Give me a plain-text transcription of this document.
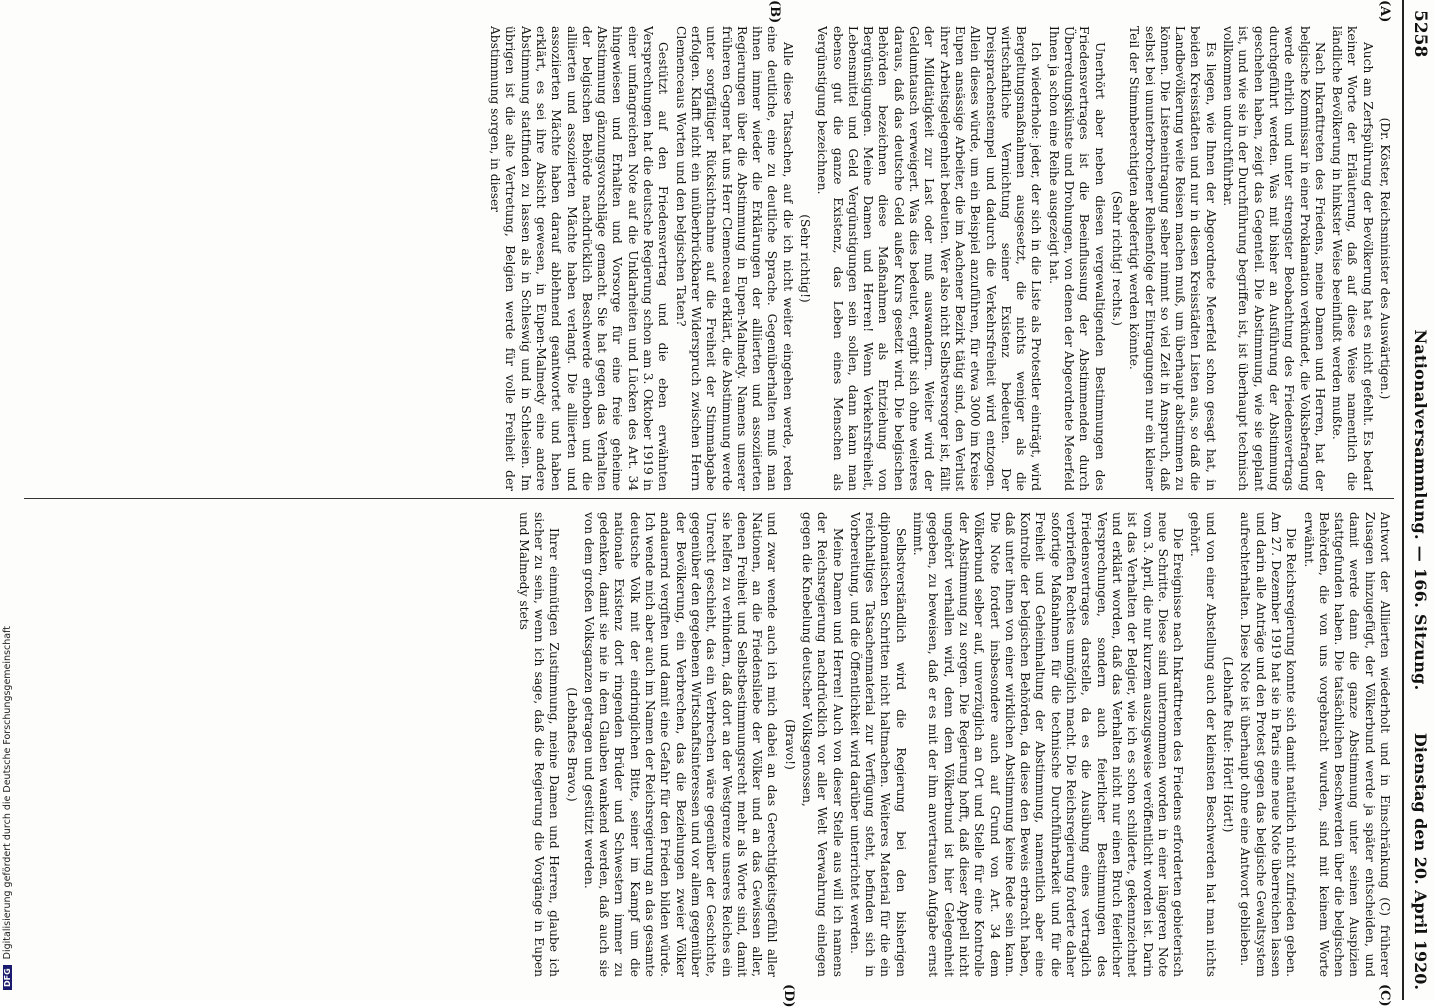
5258
Nationalversammlung. — 166. Sitzung.
Dienstag den 20. April 1920.
(A)
(B)
(C)
(D)

(Dr. Köster, Reichsminister des Auswärtigen.)

Auch am Zerfspührung der Bevölkerung hat es nicht gefehlt. Es bedarf keiner Worte der Erläuterung, daß auf diese Weise namentlich die ländliche Bevölkerung in hinkster Weise beeinflußt werden mußte.

Nach Inkrafttreten des Friedens, meine Damen und Herren, hat der belgische Kommissar in einer Proklamation verkündet, die Volksbefragung werde ehrlich und unter strengster Beobachtung des Friedensvertrags durchgeführt werden. Was mit bisher an Ausführung der Abstimmung geschehen haben, zeigt das Gegenteil. Die Abstimmung, wie sie geplant ist, und wie sie in der Durchführung begriffen ist, ist überhaupt technisch vollkommen undurchführbar.

Es liegen, wie Ihnen der Abgeordnete Meerfeld schon gesagt hat, in beiden Kreisstädten und nur in diesen Kreisstädten Listen aus, so daß die Landbevölkerung weite Reisen machen muß, um überhaupt abstimmen zu können. Die Listeneintragung selber nimmt so viel Zeit in Anspruch, daß selbst bei ununterbrochener Reihenfolge der Eintragungen nur ein kleiner Teil der Stimmberechtigten abgefertigt werden könnte.

(Sehr richtig! rechts.)

Unerhört aber neben diesen vergewaltigenden Bestimmungen des Friedensvertrages ist die Beeinflussung der Abstimmenden durch Überredungskünste und Drohungen, von denen der Abgeordnete Meerfeld Ihnen ja schon eine Reihe ausgezeigt hat.

Ich wiederhole: jeder, der sich in die Liste als Protestler einträgt, wird Bergeltungsmaßnahmen ausgesetzt, die nichts weniger als die wirtschaftliche Vernichtung seiner Existenz bedeuten. Der Dreisprachenstempel und dadurch die Verkehrsfreiheit wird entzogen. Allein dieses würde, um ein Beispiel anzuführen, für etwa 3000 im Kreise Eupen ansässige Arbeiter, die im Aachener Bezirk tätig sind, den Verlust ihrer Arbeitsgelegenheit bedeuten. Wer also nicht Selbstversorger ist, fällt der Mildtätigkeit zur Last oder muß auswandern. Weiter wird der Geldumtausch verweigert. Was dies bedeutet, ergibt sich ohne weiteres daraus, daß das deutsche Geld außer Kurs gesetzt wird. Die belgischen Behörden bezeichnen diese Maßnahmen als Entziehung von Bergünstigungen. Meine Damen und Herren! Wenn Verkehrsfreiheit, Lebensmittel und Geld Vergünstigungen sein sollen, dann kann man ebenso gut die ganze Existenz, das Leben eines Menschen als Vergünstigung bezeichnen.

(Sehr richtig!)

Alle diese Tatsachen, auf die ich nicht weiter eingehen werde, reden eine deutliche, eine zu deutliche Sprache. Gegenüberhalten muß man ihnen immer wieder die Erklärungen der alliierten und assoziierten Regierungen über die Abstimmung in Eupen-Malmedy. Namens unserer früheren Gegner hat uns Herr Clemenceau erklärt, die Abstimmung werde unter sorgfältiger Rücksichtnahme auf die Freiheit der Stimmabgabe erfolgen. Klafft nicht ein unüberbrückbarer Widerspruch zwischen Herrn Clemenceaus Worten und den belgischen Taten?

Gestützt auf den Friedensvertrag und die eben erwähnten Versprechungen hat die deutsche Regierung schon am 3. Oktober 1919 in einer umfangreichen Note auf die Unklarheiten und Lücken des Art. 34 hingewiesen und Erhalten und Vorsorge für eine freie geheime Abstimmung gänzungsvorschläge gemacht. Sie hat gegen das Verhalten der belgischen Behörde nachdrücklich Beschwerde erhoben und die alliierten und assoziierten Mächte haben verlangt. Die alliierten und assoziierten Mächte haben darauf ablehnend geantwortet und haben erklärt, es sei ihre Absicht gewesen, in Eupen-Malmedy eine andere Abstimmung stattfinden zu lassen als in Schleswig und in Schlesien. Im übrigen ist die alte Vertretung, Belgien werde für volle Freiheit der Abstimmung sorgen, in dieser

Antwort der Alliierten wiederholt und in Einschränkung (C) früherer Zusagen hinzugefügt, der Völkerbund werde ja später entscheiden, und damit werde dann die ganze Abstimmung unter seinen Auspizien stattgefunden haben. Die tatsächlichen Beschwerden über die belgischen Behörden, die von uns vorgebracht wurden, sind mit keinem Worte erwähnt.

Die Reichsregierung konnte sich damit natürlich nicht zufrieden geben. Am 27. Dezember 1919 hat sie in Paris eine neue Note überreichen lassen und darin alle Anträge und den Protest gegen das belgische Gewaltsystem aufrechterhalten. Diese Note ist überhaupt ohne eine Antwort geblieben.

(Lebhafte Rufe: Hört! Hört!)

und von einer Abstellung auch der kleinsten Beschwerden hat man nichts gehört.

Die Ereignisse nach Inkrafttreten des Friedens erforderten gebieterisch neue Schritte. Diese sind unternommen worden in einer längeren Note vom 3. April, die nur kurzem auszugsweise veröffentlicht worden ist. Darin ist das Verhalten der Belgier, wie ich es schon schilderte, gekennzeichnet und erklärt worden, daß das Verhalten nicht nur einen Bruch feierlicher Versprechungen, sondern auch feierlicher Bestimmungen des Friedensvertrages darstelle, da es die Ausübung eines vertraglich verbrieften Rechtes unmöglich macht. Die Reichsregierung forderte daher sofortige Maßnahmen für die technische Durchführbarkeit und für die Freiheit und Geheimhaltung der Abstimmung, namentlich aber eine Kontrolle der belgischen Behörden, da diese den Beweis erbracht haben, daß unter ihnen von einer wirklichen Abstimmung keine Rede sein kann. Die Note fordert insbesondere auch auf Grund von Art. 34 dem Völkerbund selber auf, unverzüglich an Ort und Stelle für eine Kontrolle der Abstimmung zu sorgen. Die Regierung hofft, daß dieser Appell nicht ungehört verhallen wird, denn dem Völkerbund ist hier Gelegenheit gegeben, zu beweisen, daß er es mit der ihm anvertrauten Aufgabe ernst nimmt.

Selbstverständlich wird die Regierung bei den bisherigen diplomatischen Schritten nicht haltmachen. Weiteres Material für die ein reichhaltiges Tatsachenmaterial zur Verfügung steht, befinden sich in Vorbereitung, und die Öffentlichkeit wird darüber unterrichtet werden.

Meine Damen und Herren! Auch von dieser Stelle aus will ich namens der Reichsregierung nachdrücklich vor aller Welt Verwahrung einlegen gegen die Knebelung deutscher Volksgenossen,

(Bravo!)

und zwar wende auch ich mich dabei an das Gerechtigkeitsgefühl aller Nationen, an die Friedensliebe der Völker und an das Gewissen aller, denen Freiheit und Selbstbestimmungsrecht mehr als Worte sind, damit sie helfen zu verhindern, daß dort an der Westgrenze unseres Reiches ein Unrecht geschieht, das ein Verbrechen wäre gegenüber der Geschichte, gegenüber den gegebenen Wirtschaftsinteressen und vor allem gegenüber der Bevölkerung, ein Verbrechen, das die Beziehungen zweier Völker andauernd vergiften und damit eine Gefahr für den Frieden bilden würde. Ich wende mich aber auch im Namen der Reichsregierung an das gesamte deutsche Volk mit der eindringlichen Bitte, seiner im Kampf um die nationale Existenz dort ringenden Brüder und Schwestern immer zu gedenken, damit sie nie in dem Glauben wankend werden, daß auch sie von dem großen Volksganzen getragen und gestützt werden.

(Lebhaftes Bravo.)

Ihrer einmütigen Zustimmung, meine Damen und Herren, glaube ich sicher zu sein, wenn ich sage, daß die Regierung die Vorgänge in Eupen und Malmedy stets

DFGDigitalisierung gefördert durch die Deutsche Forschungsgemeinschaft
